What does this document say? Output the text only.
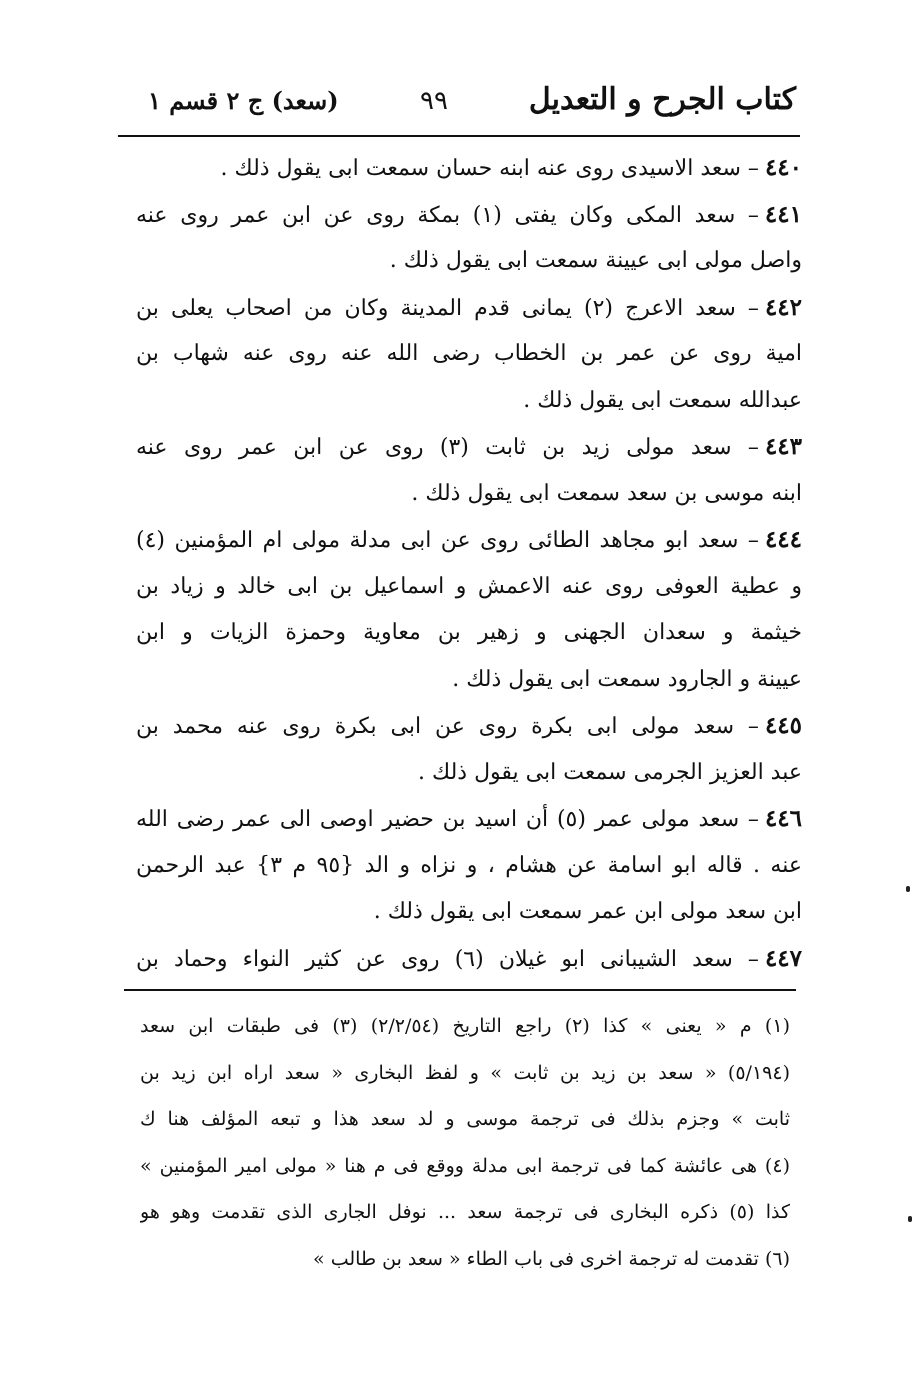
كتاب الجرح و التعديل
٩٩
(سعد) ج ٢ قسم ١
٤٤٠– سعد الاسيدى روى عنه ابنه حسان سمعت ابى يقول ذلك .
٤٤١– سعد المكى وكان يفتى (١) بمكة روى عن ابن عمر روى عنه
واصل مولى ابى عيينة سمعت ابى يقول ذلك .
٤٤٢– سعد الاعرج (٢) يمانى قدم المدينة وكان من اصحاب يعلى بن
امية روى عن عمر بن الخطاب رضى الله عنه روى عنه شهاب بن
عبدالله سمعت ابى يقول ذلك .
٤٤٣– سعد مولى زيد بن ثابت (٣) روى عن ابن عمر روى عنه
ابنه موسى بن سعد سمعت ابى يقول ذلك .
٤٤٤– سعد ابو مجاهد الطائى روى عن ابى مدلة مولى ام المؤمنين (٤)
و عطية العوفى روى عنه الاعمش و اسماعيل بن ابى خالد و زياد بن
خيثمة و سعدان الجهنى و زهير بن معاوية وحمزة الزيات و ابن
عيينة و الجارود سمعت ابى يقول ذلك .
٤٤٥– سعد مولى ابى بكرة روى عن ابى بكرة روى عنه محمد بن
عبد العزيز الجرمى سمعت ابى يقول ذلك .
٤٤٦– سعد مولى عمر (٥) أن اسيد بن حضير اوصى الى عمر رضى الله
عنه . قاله ابو اسامة عن هشام ، و نزاه و الد {٩٥ م ٣} عبد الرحمن
ابن سعد مولى ابن عمر سمعت ابى يقول ذلك .
٤٤٧– سعد الشيبانى ابو غيلان (٦) روى عن كثير النواء وحماد بن
(١) م « يعنى » كذا (٢) راجع التاريخ (٢/٢/٥٤) (٣) فى طبقات ابن سعد
(٥/١٩٤) « سعد بن زيد بن ثابت » و لفظ البخارى « سعد اراه ابن زيد بن
ثابت » وجزم بذلك فى ترجمة موسى و لد سعد هذا و تبعه المؤلف هنا ك
(٤) هى عائشة كما فى ترجمة ابى مدلة ووقع فى م هنا « مولى امير المؤمنين »
كذا (٥) ذكره البخارى فى ترجمة سعد ... نوفل الجارى الذى تقدمت وهو هو
(٦) تقدمت له ترجمة اخرى فى باب الطاء « سعد بن طالب »
